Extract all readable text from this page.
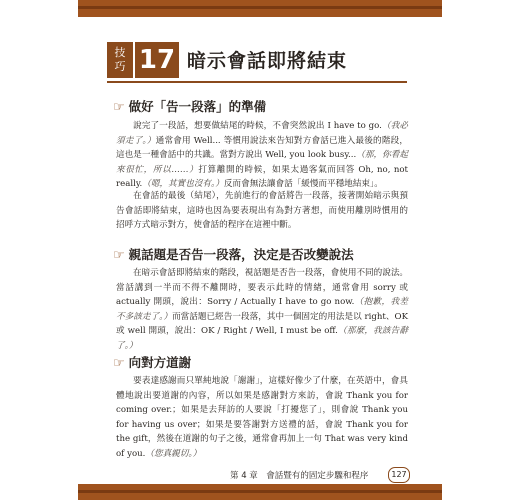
技巧 17 暗示會話即將結束
☞ 做好「告一段落」的準備
說完了一段話，想要做結尾的時候，不會突然說出 I have to go.（我必須走了。）通常會用 Well... 等慣用說法來告知對方會話已進入最後的階段，這也是一種會話中的共識。當對方說出 Well, you look busy...（那，你看起來很忙，所以……）打算離開的時候，如果太過客氣而回答 Oh, no, not really.（嗯，其實也沒有。）反而會無法讓會話「緩慢而平穩地結束」。
在會話的最後（結尾），先前進行的會話將告一段落，接著開始暗示與預告會話即將結束，這時也因為要表現出有為對方著想，而使用離別時慣用的招呼方式暗示對方，使會話的程序在這裡中斷。
☞ 親話題是否告一段落，決定是否改變說法
在暗示會話即將結束的階段，視話題是否告一段落，會使用不同的說法。當話講到一半而不得不離開時，要表示此時的情緒，通常會用 sorry 或 actually 開頭，說出：Sorry / Actually I have to go now.（抱歉，我差不多該走了。）而當話題已經告一段落，其中一個固定的用法是以 right、OK 或 well 開頭，說出：OK / Right / Well, I must be off.（那麼，我該告辭了。）
☞ 向對方道謝
要表達感謝而只單純地說「謝謝」，這樣好像少了什麼，在英語中，會具體地說出要道謝的內容，所以如果是感謝對方來訪，會說 Thank you for coming over.；如果是去拜訪的人要說「打擾您了」，則會說 Thank you for having us over；如果是要答謝對方送禮的話，會說 Thank you for the gift，然後在道謝的句子之後，通常會再加上一句 That was very kind of you.（您真親切。）
第 4 章　會話暨有的固定步驟和程序	127
